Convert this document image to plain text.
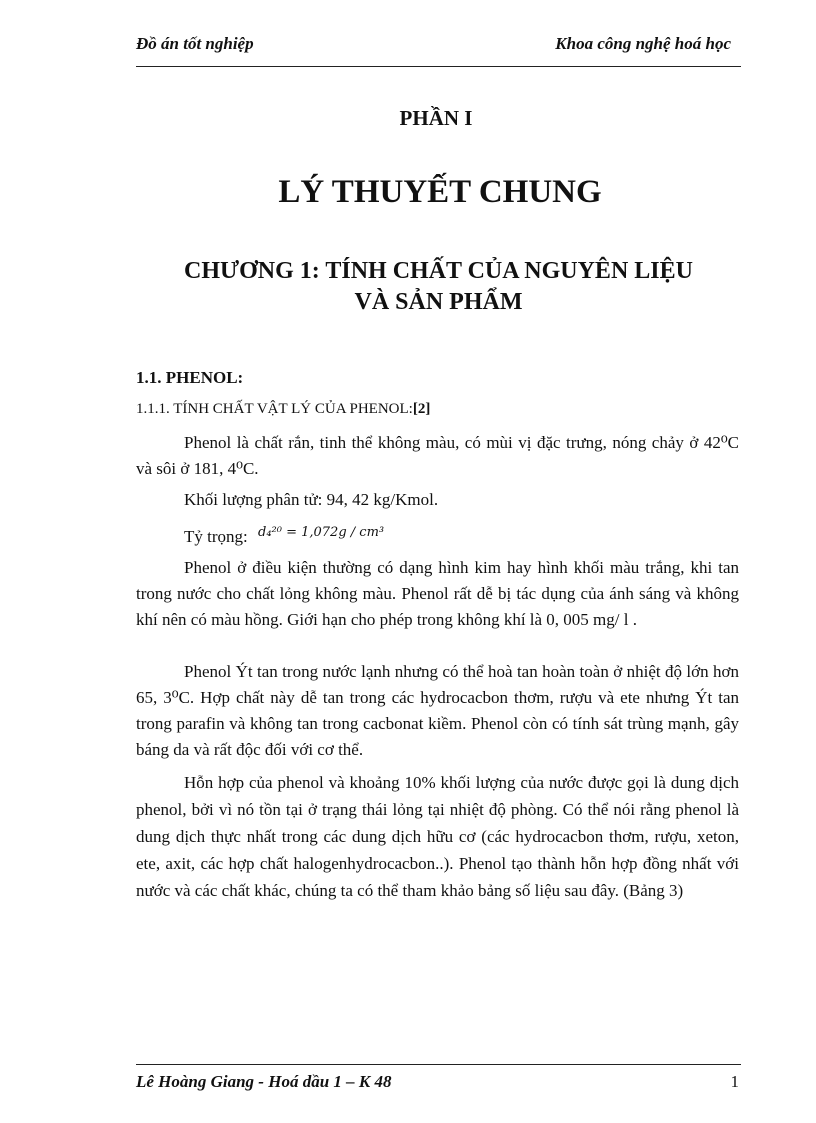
Đồ án tốt nghiệp	Khoa công nghệ hoá học
PHẦN I
LÝ THUYẾT CHUNG
CHƯƠNG 1: TÍNH CHẤT CỦA NGUYÊN LIỆU
VÀ SẢN PHẨM
1.1. PHENOL:
1.1.1. TÍNH CHẤT VẬT LÝ CỦA PHENOL:[2]
Phenol là chất rắn, tinh thể không màu, có mùi vị đặc trưng, nóng chảy ở 42⁰C và sôi ở 181, 4⁰C.
Khối lượng phân tử: 94, 42 kg/Kmol.
Tỷ trọng: $^{d_4^{20} = 1,072g / cm^3}$
Phenol ở điều kiện thường có dạng hình kim hay hình khối màu trắng, khi tan trong nước cho chất lỏng không màu. Phenol rất dễ bị tác dụng của ánh sáng và không khí nên có màu hồng. Giới hạn cho phép trong không khí là 0, 005 mg/ l .
Phenol Ýt tan trong nước lạnh nhưng có thể hoà tan hoàn toàn ở nhiệt độ lớn hơn 65, 3⁰C. Hợp chất này dễ tan trong các hydrocacbon thơm, rượu và ete nhưng Ýt tan trong parafin và không tan trong cacbonat kiềm. Phenol còn có tính sát trùng mạnh, gây báng da và rất độc đối với cơ thể.
Hỗn hợp của phenol và khoảng 10% khối lượng của nước được gọi là dung dịch phenol, bởi vì nó tồn tại ở trạng thái lỏng tại nhiệt độ phòng. Có thể nói rằng phenol là dung dịch thực nhất trong các dung dịch hữu cơ (các hydrocacbon thơm, rượu, xeton, ete, axit, các hợp chất halogenhydrocacbon..). Phenol tạo thành hỗn hợp đồng nhất với nước và các chất khác, chúng ta có thể tham khảo bảng số liệu sau đây. (Bảng 3)
Lê Hoàng Giang - Hoá dầu 1 – K 48	1
